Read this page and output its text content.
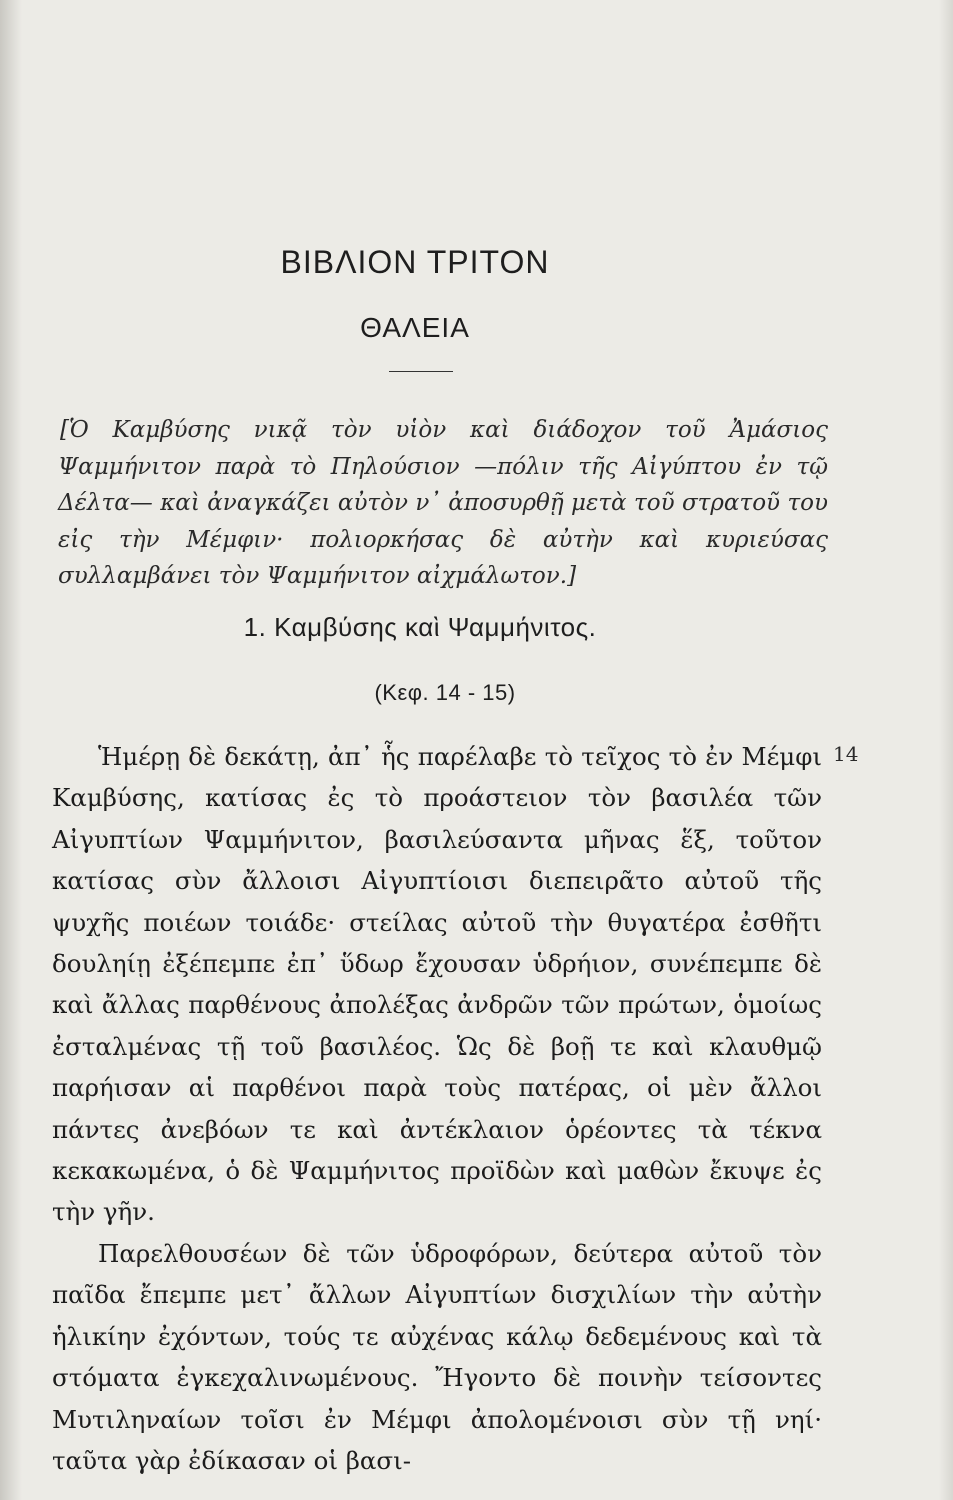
ΒΙΒΛΙΟΝ ΤΡΙΤΟΝ
ΘΑΛΕΙΑ

[Ὁ Καμβύσης νικᾷ τὸν υἱὸν καὶ διάδοχον τοῦ Ἀμάσιος Ψαμμήνιτον παρὰ τὸ Πηλούσιον —πόλιν τῆς Αἰγύπτου ἐν τῷ Δέλτα— καὶ ἀναγκάζει αὐτὸν ν᾽ ἀποσυρθῇ μετὰ τοῦ στρατοῦ του εἰς τὴν Μέμφιν· πολιορκήσας δὲ αὐτὴν καὶ κυριεύσας συλλαμβάνει τὸν Ψαμμήνιτον αἰχμάλωτον.]

1. Καμβύσης καὶ Ψαμμήνιτος.
(Κεφ. 14 - 15)
14

Ἡμέρῃ δὲ δεκάτῃ, ἀπ᾽ ἧς παρέλαβε τὸ τεῖχος τὸ ἐν Μέμφι Καμβύσης, κατίσας ἐς τὸ προάστειον τὸν βασιλέα τῶν Αἰγυπτίων Ψαμμήνιτον, βασιλεύσαντα μῆνας ἕξ, τοῦτον κατίσας σὺν ἄλλοισι Αἰγυπτίοισι διεπειρᾶτο αὐτοῦ τῆς ψυχῆς ποιέων τοιάδε· στείλας αὐτοῦ τὴν θυγατέρα ἐσθῆτι δουληίῃ ἐξέπεμπε ἐπ᾽ ὕδωρ ἔχουσαν ὑδρήιον, συνέπεμπε δὲ καὶ ἄλλας παρθένους ἀπολέξας ἀνδρῶν τῶν πρώτων, ὁμοίως ἐσταλμένας τῇ τοῦ βασιλέος. Ὡς δὲ βοῇ τε καὶ κλαυθμῷ παρήισαν αἱ παρθένοι παρὰ τοὺς πατέρας, οἱ μὲν ἄλλοι πάντες ἀνεβόων τε καὶ ἀντέκλαιον ὁρέοντες τὰ τέκνα κεκακωμένα, ὁ δὲ Ψαμμήνιτος προϊδὼν καὶ μαθὼν ἔκυψε ἐς τὴν γῆν.

Παρελθουσέων δὲ τῶν ὑδροφόρων, δεύτερα αὐτοῦ τὸν παῖδα ἔπεμπε μετ᾽ ἄλλων Αἰγυπτίων δισχιλίων τὴν αὐτὴν ἡλικίην ἐχόντων, τούς τε αὐχένας κάλῳ δεδεμένους καὶ τὰ στόματα ἐγκεχαλινωμένους. Ἤγοντο δὲ ποινὴν τείσοντες Μυτιληναίων τοῖσι ἐν Μέμφι ἀπολομένοισι σὺν τῇ νηί· ταῦτα γὰρ ἐδίκασαν οἱ βασι-
